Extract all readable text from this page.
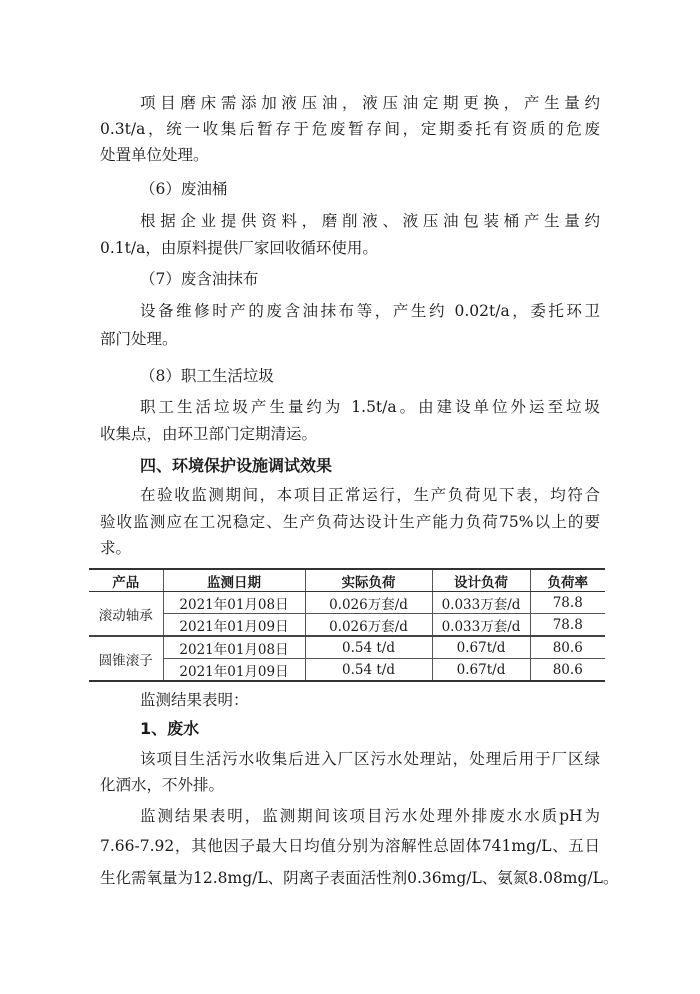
项目磨床需添加液压油，液压油定期更换，产生量约
0.3t/a，统一收集后暂存于危废暂存间，定期委托有资质的危废
处置单位处理。
（6）废油桶
根据企业提供资料，磨削液、液压油包装桶产生量约
0.1t/a，由原料提供厂家回收循环使用。
（7）废含油抹布
设备维修时产的废含油抹布等，产生约 0.02t/a，委托环卫
部门处理。
（8）职工生活垃圾
职工生活垃圾产生量约为 1.5t/a。由建设单位外运至垃圾
收集点，由环卫部门定期清运。
四、环境保护设施调试效果
在验收监测期间，本项目正常运行，生产负荷见下表，均符合
验收监测应在工况稳定、生产负荷达设计生产能力负荷75%以上的要
求。
产品	监测日期	实际负荷	设计负荷	负荷率
滚动轴承	2021年01月08日	0.026万套/d	0.033万套/d	78.8
	2021年01月09日	0.026万套/d	0.033万套/d	78.8
圆锥滚子	2021年01月08日	0.54 t/d	0.67t/d	80.6
	2021年01月09日	0.54 t/d	0.67t/d	80.6
监测结果表明：
1、废水
该项目生活污水收集后进入厂区污水处理站，处理后用于厂区绿
化洒水，不外排。
监测结果表明，监测期间该项目污水处理外排废水水质pH为
7.66-7.92，其他因子最大日均值分别为溶解性总固体741mg/L、五日
生化需氧量为12.8mg/L、阴离子表面活性剂0.36mg/L、氨氮8.08mg/L。
